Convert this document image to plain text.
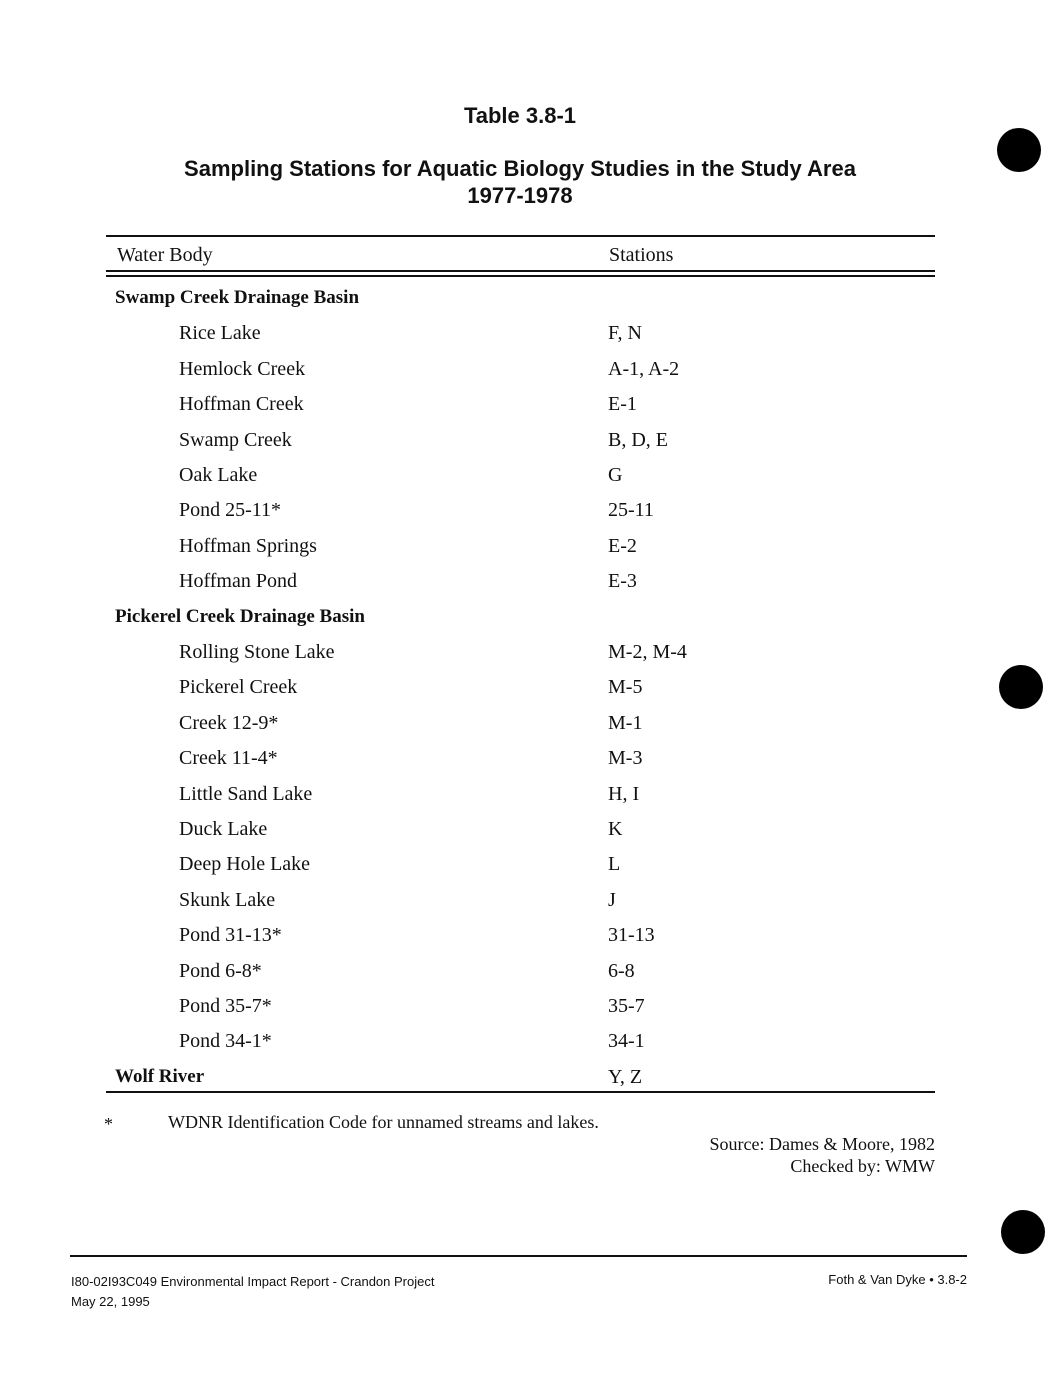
Table 3.8-1
Sampling Stations for Aquatic Biology Studies in the Study Area
1977-1978
Water Body	Stations
Swamp Creek Drainage Basin
Rice Lake	F, N
Hemlock Creek	A-1, A-2
Hoffman Creek	E-1
Swamp Creek	B, D, E
Oak Lake	G
Pond 25-11*	25-11
Hoffman Springs	E-2
Hoffman Pond	E-3
Pickerel Creek Drainage Basin
Rolling Stone Lake	M-2, M-4
Pickerel Creek	M-5
Creek 12-9*	M-1
Creek 11-4*	M-3
Little Sand Lake	H, I
Duck Lake	K
Deep Hole Lake	L
Skunk Lake	J
Pond 31-13*	31-13
Pond 6-8*	6-8
Pond 35-7*	35-7
Pond 34-1*	34-1
Wolf River	Y, Z
*	WDNR Identification Code for unnamed streams and lakes.
Source: Dames & Moore, 1982
Checked by: WMW
I80-02I93C049 Environmental Impact Report - Crandon Project
May 22, 1995
Foth & Van Dyke • 3.8-2
